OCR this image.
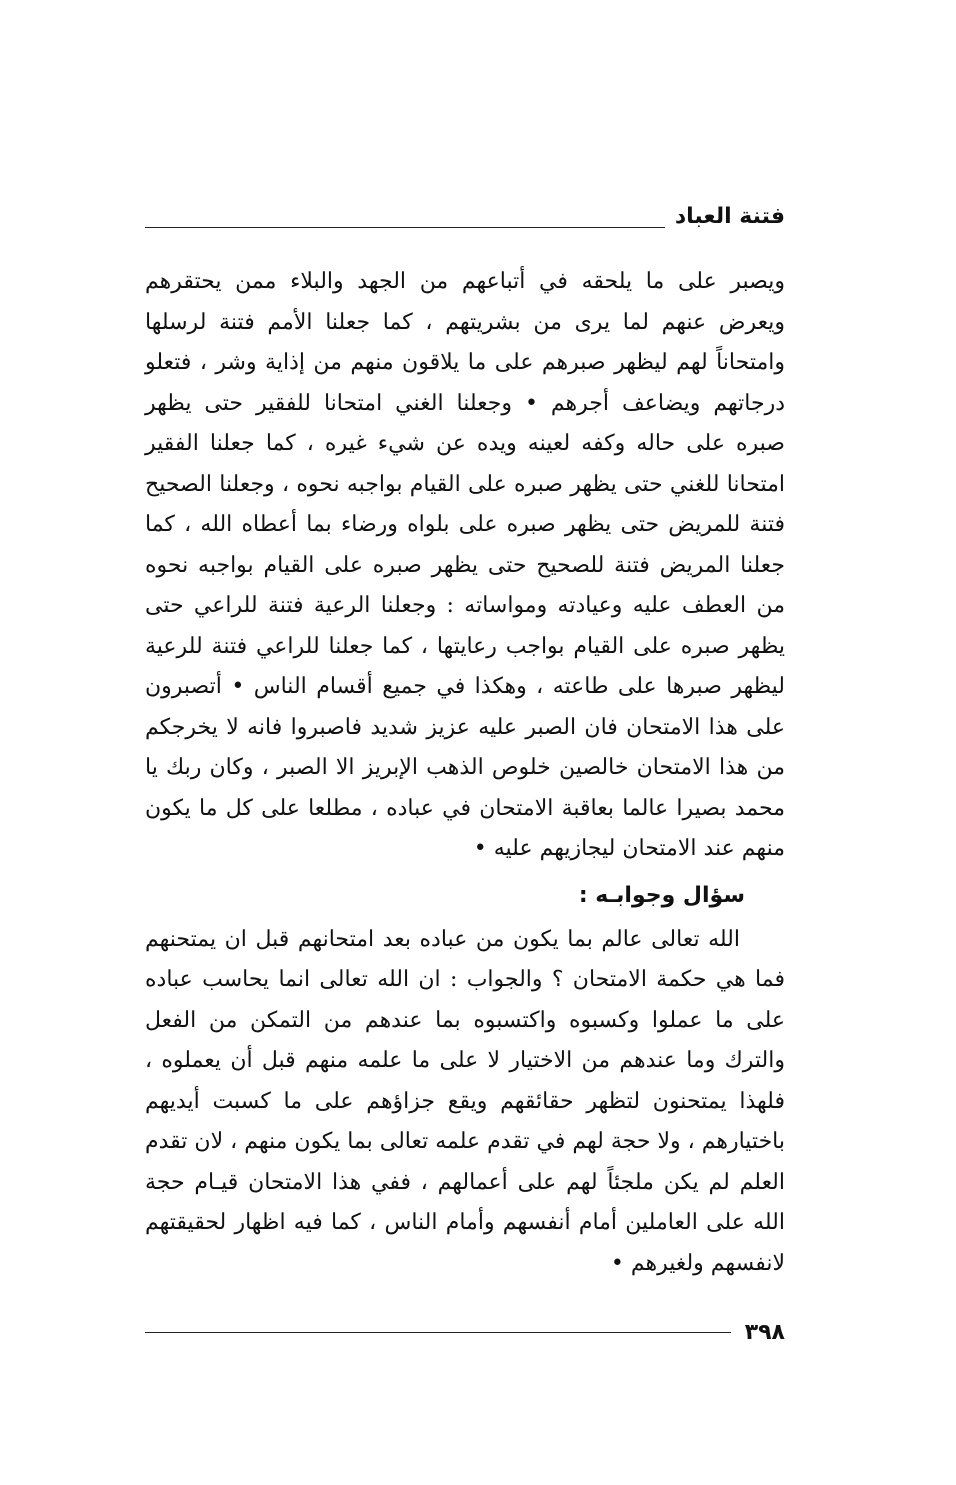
فتنة العباد

ويصبر على ما يلحقه في أتباعهم من الجهد والبلاء ممن يحتقرهم ويعرض عنهم لما يرى من بشريتهم ، كما جعلنا الأمم فتنة لرسلها وامتحاناً لهم ليظهر صبرهم على ما يلاقون منهم من إذاية وشر ، فتعلو درجاتهم ويضاعف أجرهم • وجعلنا الغني امتحانا للفقير حتى يظهر صبره على حاله وكفه لعينه ويده عن شيء غيره ، كما جعلنا الفقير امتحانا للغني حتى يظهر صبره على القيام بواجبه نحوه ، وجعلنا الصحيح فتنة للمريض حتى يظهر صبره على بلواه ورضاء بما أعطاه الله ، كما جعلنا المريض فتنة للصحيح حتى يظهر صبره على القيام بواجبه نحوه من العطف عليه وعيادته ومواساته : وجعلنا الرعية فتنة للراعي حتى يظهر صبره على القيام بواجب رعايتها ، كما جعلنا للراعي فتنة للرعية ليظهر صبرها على طاعته ، وهكذا في جميع أقسام الناس • أتصبرون على هذا الامتحان فان الصبر عليه عزيز شديد فاصبروا فانه لا يخرجكم من هذا الامتحان خالصين خلوص الذهب الإبريز الا الصبر ، وكان ربك يا محمد بصيرا عالما بعاقبة الامتحان في عباده ، مطلعا على كل ما يكون منهم عند الامتحان ليجازيهم عليه •

سؤال وجوابـه :

الله تعالى عالم بما يكون من عباده بعد امتحانهم قبل ان يمتحنهم فما هي حكمة الامتحان ؟ والجواب : ان الله تعالى انما يحاسب عباده على ما عملوا وكسبوه واكتسبوه بما عندهم من التمكن من الفعل والترك وما عندهم من الاختيار لا على ما علمه منهم قبل أن يعملوه ، فلهذا يمتحنون لتظهر حقائقهم ويقع جزاؤهم على ما كسبت أيديهم باختيارهم ، ولا حجة لهم في تقدم علمه تعالى بما يكون منهم ، لان تقدم العلم لم يكن ملجئاً لهم على أعمالهم ، ففي هذا الامتحان قيـام حجة الله على العاملين أمام أنفسهم وأمام الناس ، كما فيه اظهار لحقيقتهم لانفسهم ولغيرهم •

٣٩٨
